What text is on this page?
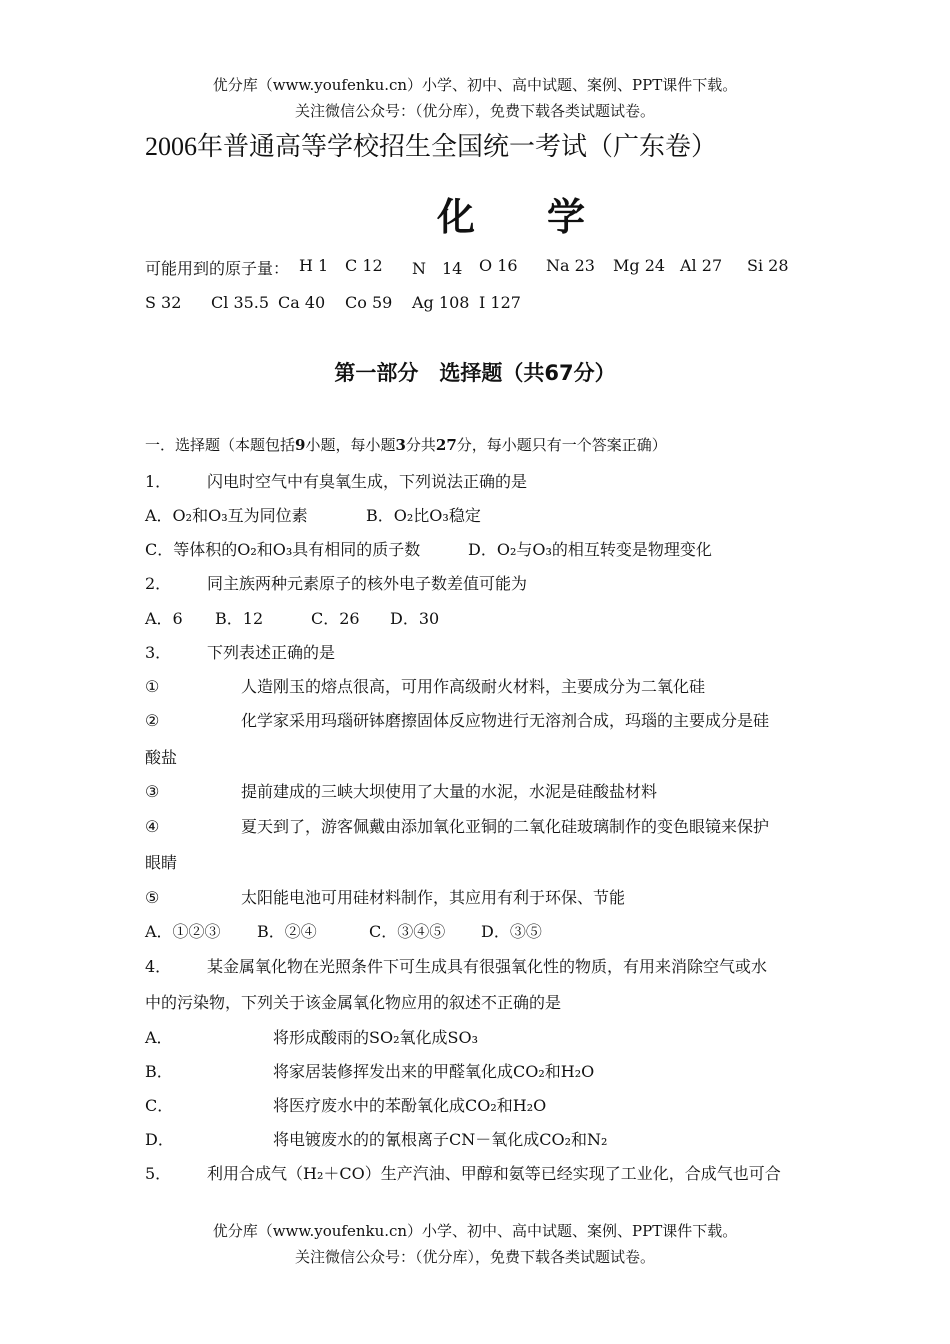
优分库（www.youfenku.cn）小学、初中、高中试题、案例、PPT课件下载。
关注微信公众号：（优分库），免费下载各类试题试卷。
2006年普通高等学校招生全国统一考试（广东卷）
化学
可能用到的原子量： H 1 C 12 N　14 O 16 Na 23 Mg 24 Al 27 Si 28
S 32 Cl 35.5 Ca 40 Co 59 Ag 108 I 127
第一部分　选择题（共67分）
一．选择题（本题包括9小题，每小题3分共27分，每小题只有一个答案正确）
1． 闪电时空气中有臭氧生成，下列说法正确的是
A．O₂和O₃互为同位素	B．O₂比O₃稳定
C．等体积的O₂和O₃具有相同的质子数	D．O₂与O₃的相互转变是物理变化
2． 同主族两种元素原子的核外电子数差值可能为
A．6 B．12	C．26 D．30
3． 下列表述正确的是
①	人造刚玉的熔点很高，可用作高级耐火材料，主要成分为二氧化硅
②	化学家采用玛瑙研钵磨擦固体反应物进行无溶剂合成，玛瑙的主要成分是硅
酸盐
③	提前建成的三峡大坝使用了大量的水泥，水泥是硅酸盐材料
④	夏天到了，游客佩戴由添加氧化亚铜的二氧化硅玻璃制作的变色眼镜来保护
眼睛
⑤	太阳能电池可用硅材料制作，其应用有利于环保、节能
A．①②③ B．②④	C．③④⑤ D．③⑤
4． 某金属氧化物在光照条件下可生成具有很强氧化性的物质，有用来消除空气或水
中的污染物，下列关于该金属氧化物应用的叙述不正确的是
A．	将形成酸雨的SO₂氧化成SO₃
B．	将家居装修挥发出来的甲醛氧化成CO₂和H₂O
C．	将医疗废水中的苯酚氧化成CO₂和H₂O
D．	将电镀废水的的氰根离子CN－氧化成CO₂和N₂
5． 利用合成气（H₂＋CO）生产汽油、甲醇和氨等已经实现了工业化，合成气也可合
优分库（www.youfenku.cn）小学、初中、高中试题、案例、PPT课件下载。
关注微信公众号：（优分库），免费下载各类试题试卷。
